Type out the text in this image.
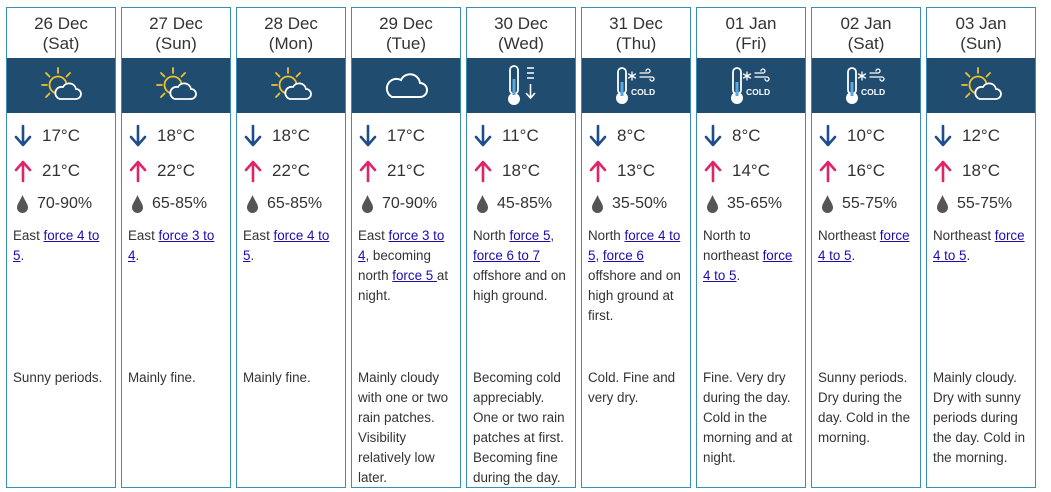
26 Dec
(Sat)
17°C
21°C
70-90%
East force 4 to 5.
Sunny periods.
27 Dec
(Sun)
18°C
22°C
65-85%
East force 3 to 4.
Mainly fine.
28 Dec
(Mon)
18°C
22°C
65-85%
East force 4 to 5.
Mainly fine.
29 Dec
(Tue)
17°C
21°C
70-90%
East force 3 to 4, becoming north force 5 at night.
Mainly cloudy with one or two rain patches. Visibility relatively low later.
30 Dec
(Wed)
11°C
18°C
45-85%
North force 5, force 6 to 7 offshore and on high ground.
Becoming cold appreciably. One or two rain patches at first. Becoming fine during the day.
31 Dec
(Thu)
COLD
8°C
13°C
35-50%
North force 4 to 5, force 6 offshore and on high ground at first.
Cold. Fine and very dry.
01 Jan
(Fri)
COLD
8°C
14°C
35-65%
North to northeast force 4 to 5.
Fine. Very dry during the day. Cold in the morning and at night.
02 Jan
(Sat)
COLD
10°C
16°C
55-75%
Northeast force 4 to 5.
Sunny periods. Dry during the day. Cold in the morning.
03 Jan
(Sun)
12°C
18°C
55-75%
Northeast force 4 to 5.
Mainly cloudy. Dry with sunny periods during the day. Cold in the morning.
